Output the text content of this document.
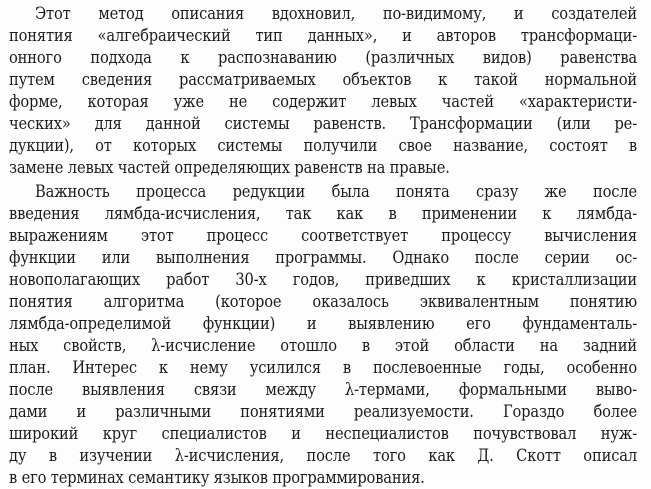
Этот метод описания вдохновил, по-видимому, и создателей

понятия «алгебраический тип данных», и авторов трансформаци-

онного подхода к распознаванию (различных видов) равенства

путем сведения рассматриваемых объектов к такой нормальной

форме, которая уже не содержит левых частей «характеристи-

ческих» для данной системы равенств. Трансформации (или ре-

дукции), от которых системы получили свое название, состоят в

замене левых частей определяющих равенств на правые.

Важность процесса редукции была понята сразу же после

введения лямбда-исчисления, так как в применении к лямбда-

выражениям этот процесс соответствует процессу вычисления

функции или выполнения программы. Однако после серии ос-

новополагающих работ 30-х годов, приведших к кристаллизации

понятия алгоритма (которое оказалось эквивалентным понятию

лямбда-определимой функции) и выявлению его фундаменталь-

ных свойств, λ-исчисление отошло в этой области на задний

план. Интерес к нему усилился в послевоенные годы, особенно

после выявления связи между λ-термами, формальными выво-

дами и различными понятиями реализуемости. Гораздо более

широкий круг специалистов и неспециалистов почувствовал нуж-

ду в изучении λ-исчисления, после того как Д. Скотт описал

в его терминах семантику языков программирования.
